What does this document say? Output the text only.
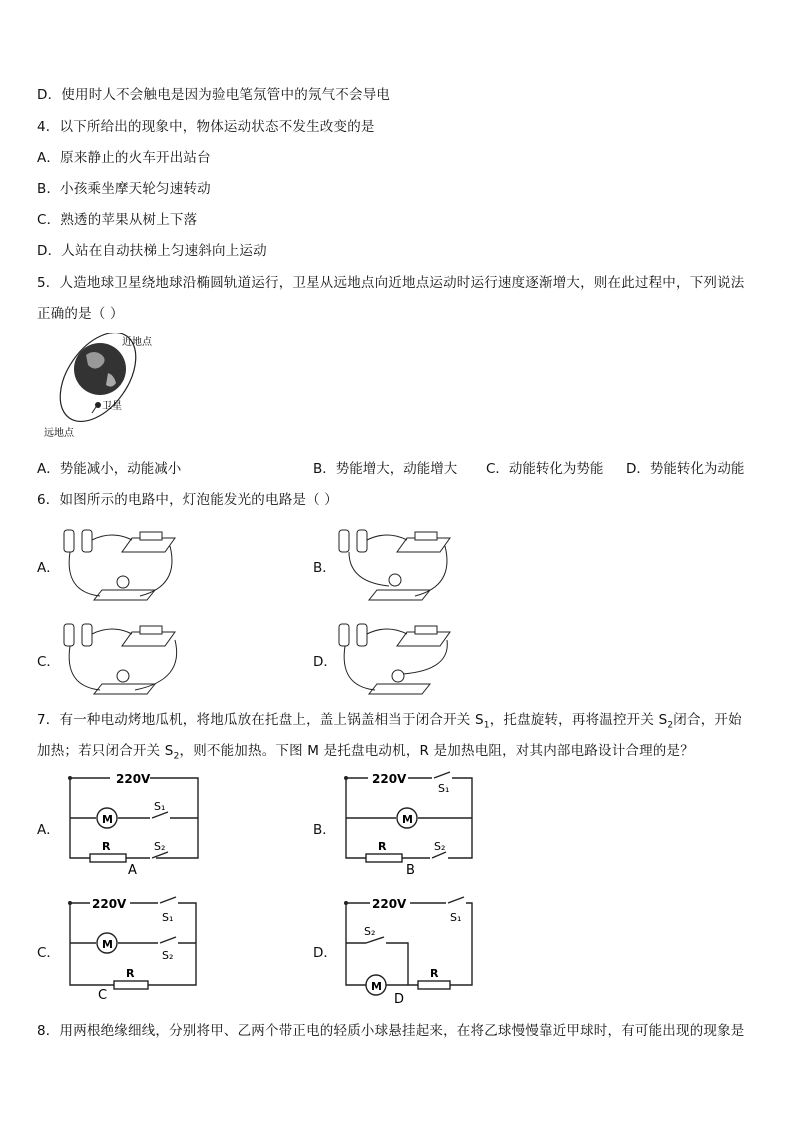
D．使用时人不会触电是因为验电笔氖管中的氖气不会导电
4．以下所给出的现象中，物体运动状态不发生改变的是
A．原来静止的火车开出站台
B．小孩乘坐摩天轮匀速转动
C．熟透的苹果从树上下落
D．人站在自动扶梯上匀速斜向上运动
5．人造地球卫星绕地球沿椭圆轨道运行，卫星从远地点向近地点运动时运行速度逐渐增大，则在此过程中，下列说法
正确的是（ ）
近地点
卫星
远地点
A．势能减小，动能减小	B．势能增大，动能增大 C．动能转化为势能 D．势能转化为动能
6．如图所示的电路中，灯泡能发光的电路是（ ）
A．	B．
C．	D．
7．有一种电动烤地瓜机，将地瓜放在托盘上，盖上锅盖相当于闭合开关 $S_1$，托盘旋转，再将温控开关 $S_2$闭合，开始
加热；若只闭合开关 $S_2$，则不能加热。下图 M 是托盘电动机，R 是加热电阻，对其内部电路设计合理的是？
A．	B．
C．	D．
220V
M
S₁
R	S₂
A
220V
S₁
M
R	S₂
B
220V
S₁
M
S₂
R
C
220V
S₁
S₂
M
R
D
8．用两根绝缘细线，分别将甲、乙两个带正电的轻质小球悬挂起来，在将乙球慢慢靠近甲球时，有可能出现的现象是
